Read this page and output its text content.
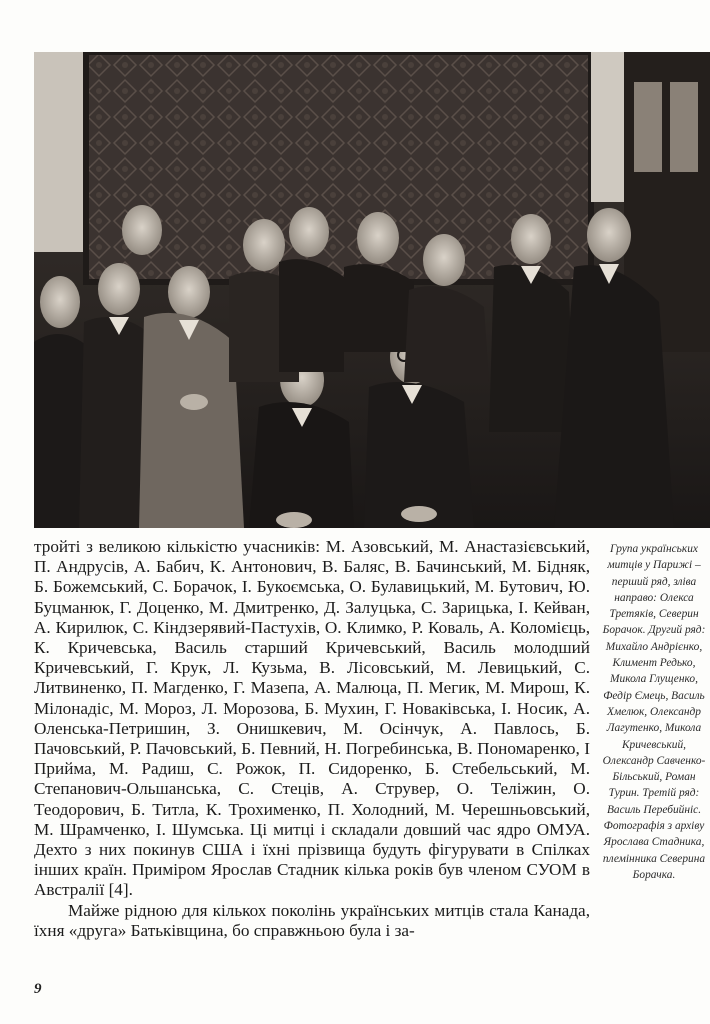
тройті з великою кількістю учасників: М. Азовський, М. Анастазієвський, П. Андрусів, А. Бабич, К. Антонович, В. Баляс, В. Бачинський, М. Бідняк, Б. Божемський, С. Борачок, І. Букоємська, О. Булавицький, М. Бутович, Ю. Буцманюк, Г. Доценко, М. Дмитренко, Д. Залуцька, С. Зарицька, І. Кейван, А. Кирилюк, С. Кіндзерявий-Пастухів, О. Климко, Р. Коваль, А. Коломієць, К. Кричевська, Василь старший Кричевський, Василь молодший Кричевський, Г. Крук, Л. Кузьма, В. Лісовський, М. Левицький, С. Литвиненко, П. Магденко, Г. Мазепа, А. Малюца, П. Мегик, М. Мирош, К. Мілонадіс, М. Мороз, Л. Морозова, Б. Мухин, Г. Новаківська, І. Носик, А. Оленська-Петришин, З. Онишкевич, М. Осінчук, А. Павлось, Б. Пачовський, Р. Пачовський, Б. Певний, Н. Погребинська, В. Пономаренко, І Прийма, М. Радиш, С. Рожок, П. Сидоренко, Б. Стебельський, М. Степанович-Ольшанська, С. Стеців, А. Струвер, О. Теліжин, О. Теодорович, Б. Титла, К. Трохименко, П. Холодний, М. Черешньовський, М. Шрамченко, І. Шумська. Ці митці і складали довший час ядро ОМУА. Дехто з них покинув США і їхні прізвища будуть фігурувати в Спілках інших країн. Приміром Ярослав Стадник кілька років був членом СУОМ в Австралії [4].

Майже рідною для кількох поколінь українських митців стала Канада, їхня «друга» Батьківщина, бо справжньою була і за-

Група українських митців у Парижі – перший ряд, зліва направо: Олекса Третяків, Северин Борачок. Другий ряд: Михайло Андрієнко, Климент Редько, Микола Глущенко, Федір Ємець, Василь Хмелюк, Олександр Лагутенко, Микола Кричевський, Олександр Савченко-Більський, Роман Турин. Третій ряд: Василь Перебийніс. Фотографія з архіву Ярослава Стадника, племінника Северина Борачка.
9
